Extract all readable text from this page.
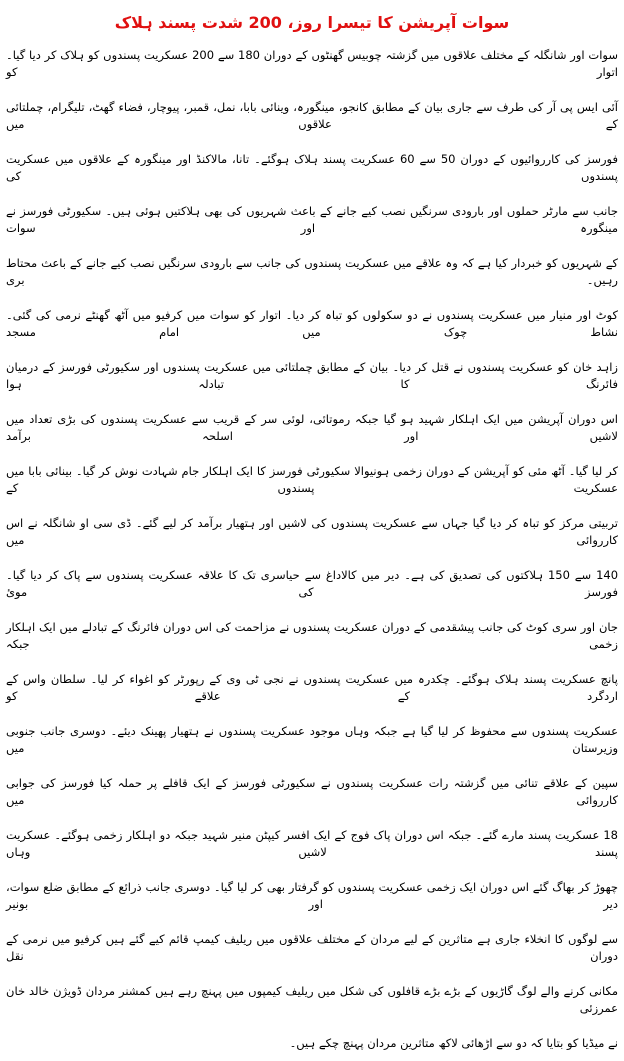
سوات آپریشن کا تیسرا روز، 200 شدت پسند ہلاک
سوات اور شانگلہ کے مختلف علاقوں میں گزشتہ چوبیس گھنٹوں کے دوران 180 سے 200 عسکریت پسندوں کو ہلاک کر دیا گیا۔ اتوار کو
آئی ایس پی آر کی طرف سے جاری بیان کے مطابق کانجو، مینگورہ، وینائی بابا، نمل، قمبر، پیوچار، فضاء گھٹ، تلیگرام، چملتائی کے علاقوں میں
فورسز کی کارروائیوں کے دوران 50 سے 60 عسکریت پسند ہلاک ہوگئے۔ تانا، مالاکنڈ اور مینگورہ کے علاقوں میں عسکریت پسندوں کی
جانب سے مارٹر حملوں اور بارودی سرنگیں نصب کیے جانے کے باعث شہریوں کی بھی ہلاکتیں ہوئی ہیں۔ سکیورٹی فورسز نے مینگورہ اور سوات
کے شہریوں کو خبردار کیا ہے کہ وہ علاقے میں عسکریت پسندوں کی جانب سے بارودی سرنگیں نصب کیے جانے کے باعث محتاط رہیں۔ بری
کوٹ اور منیار میں عسکریت پسندوں نے دو سکولوں کو تباہ کر دیا۔ اتوار کو سوات میں کرفیو میں آٹھ گھنٹے نرمی کی گئی۔ نشاط چوک میں امام مسجد
زاہد خان کو عسکریت پسندوں نے قتل کر دیا۔ بیان کے مطابق چملتائی میں عسکریت پسندوں اور سکیورٹی فورسز کے درمیان فائرنگ کا تبادلہ ہوا
اس دوران آپریشن میں ایک اہلکار شہید ہو گیا جبکہ رموتائی، لوئی سر کے قریب سے عسکریت پسندوں کی بڑی تعداد میں لاشیں اور اسلحہ برآمد
کر لیا گیا۔ آٹھ مئی کو آپریشن کے دوران زخمی ہونیوالا سکیورٹی فورسز کا ایک اہلکار جام شہادت نوش کر گیا۔ بینائی بابا میں عسکریت پسندوں کے
تربیتی مرکز کو تباہ کر دیا گیا جہاں سے عسکریت پسندوں کی لاشیں اور ہتھیار برآمد کر لیے گئے۔ ڈی سی او شانگلہ نے اس کارروائی میں
140 سے 150 ہلاکتوں کی تصدیق کی ہے۔ دیر میں کالاداغ سے حیاسری تک کا علاقہ عسکریت پسندوں سے پاک کر دیا گیا۔ فورسز کی موئ
جان اور سری کوٹ کی جانب پیشقدمی کے دوران عسکریت پسندوں نے مزاحمت کی اس دوران فائرنگ کے تبادلے میں ایک اہلکار زخمی جبکہ
پانچ عسکریت پسند ہلاک ہوگئے۔ چکدرہ میں عسکریت پسندوں نے نجی ٹی وی کے رپورٹر کو اغواء کر لیا۔ سلطان واس کے اردگرد کے علاقے کو
عسکریت پسندوں سے محفوظ کر لیا گیا ہے جبکہ وہاں موجود عسکریت پسندوں نے ہتھیار پھینک دیئے۔ دوسری جانب جنوبی وزیرستان میں
سپین کے علاقے تنائی میں گزشتہ رات عسکریت پسندوں نے سکیورٹی فورسز کے ایک قافلے پر حملہ کیا فورسز کی جوابی کارروائی میں
18 عسکریت پسند مارے گئے۔ جبکہ اس دوران پاک فوج کے ایک افسر کیپٹن منیر شہید جبکہ دو اہلکار زخمی ہوگئے۔ عسکریت پسند لاشیں وہاں
چھوڑ کر بھاگ گئے اس دوران ایک زخمی عسکریت پسندوں کو گرفتار بھی کر لیا گیا۔ دوسری جانب ذرائع کے مطابق ضلع سوات، دیر اور بونیر
سے لوگوں کا انخلاء جاری ہے متاثرین کے لیے مردان کے مختلف علاقوں میں ریلیف کیمپ قائم کیے گئے ہیں کرفیو میں نرمی کے دوران نقل
مکانی کرنے والے لوگ گاڑیوں کے بڑے بڑے قافلوں کی شکل میں ریلیف کیمپوں میں پہنچ رہے ہیں کمشنر مردان ڈویژن خالد خان عمرزئی
نے میڈیا کو بتایا کہ دو سے اڑھائی لاکھ متاثرین مردان پہنچ چکے ہیں۔
